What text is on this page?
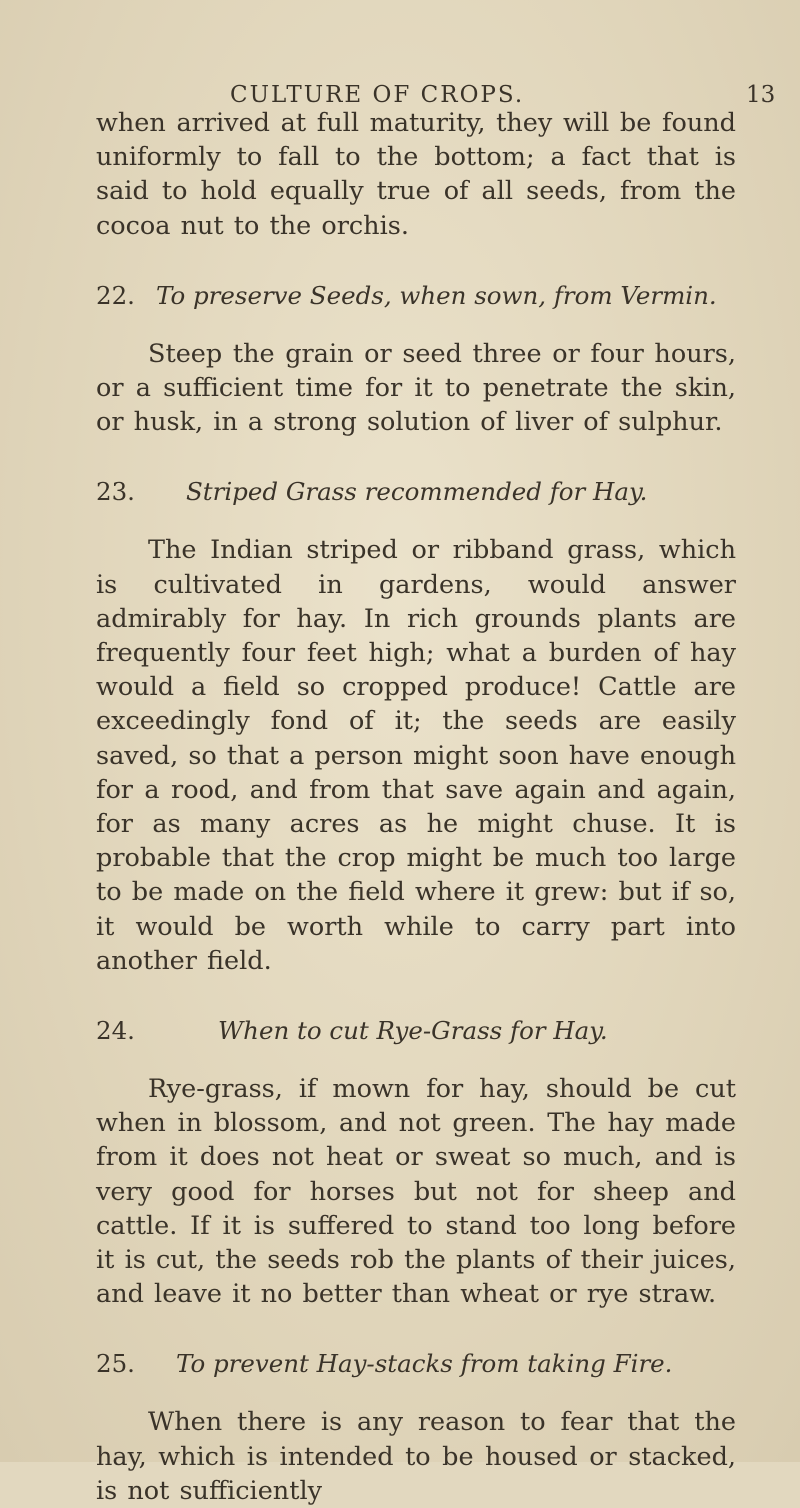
CULTURE OF CROPS.	13

when arrived at full maturity, they will be found uniformly to fall to the bottom; a fact that is said to hold equally true of all seeds, from the cocoa nut to the orchis.

22. To preserve Seeds, when sown, from Vermin.

Steep the grain or seed three or four hours, or a sufficient time for it to penetrate the skin, or husk, in a strong solution of liver of sulphur.

23. Striped Grass recommended for Hay.

The Indian striped or ribband grass, which is cultivated in gardens, would answer admirably for hay. In rich grounds plants are frequently four feet high; what a burden of hay would a field so cropped produce! Cattle are exceedingly fond of it; the seeds are easily saved, so that a person might soon have enough for a rood, and from that save again and again, for as many acres as he might chuse. It is probable that the crop might be much too large to be made on the field where it grew: but if so, it would be worth while to carry part into another field.

24.	When to cut Rye-Grass for Hay.

Rye-grass, if mown for hay, should be cut when in blossom, and not green. The hay made from it does not heat or sweat so much, and is very good for horses but not for sheep and cattle. If it is suffered to stand too long before it is cut, the seeds rob the plants of their juices, and leave it no better than wheat or rye straw.

25. To prevent Hay-stacks from taking Fire.

When there is any reason to fear that the hay, which is intended to be housed or stacked, is not sufficiently
